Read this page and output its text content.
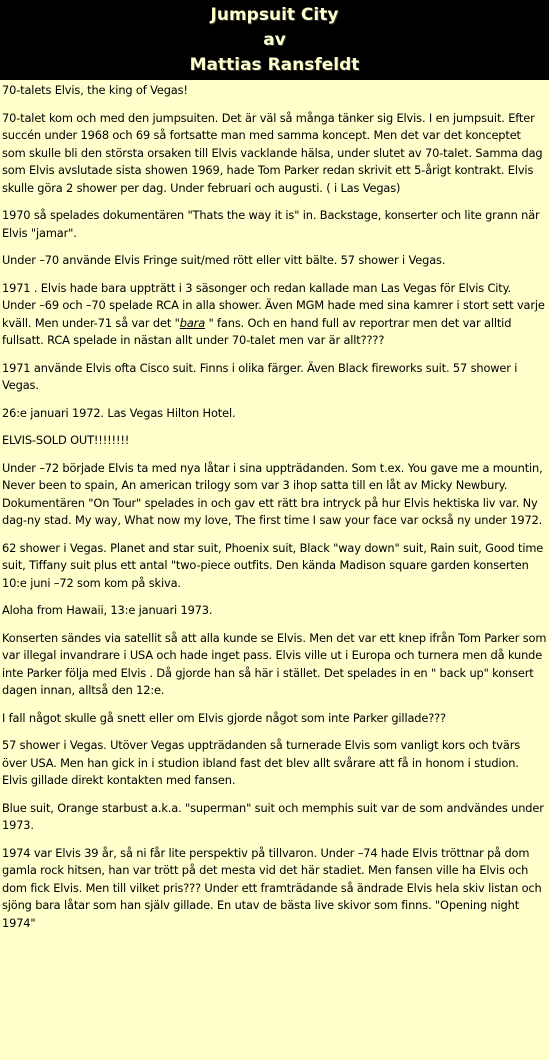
Jumpsuit City
av
Mattias Ransfeldt

70-talets Elvis, the king of Vegas!

70-talet kom och med den jumpsuiten. Det är väl så många tänker sig Elvis. I en jumpsuit. Efter succén under 1968 och 69 så fortsatte man med samma koncept. Men det var det konceptet som skulle bli den största orsaken till Elvis vacklande hälsa, under slutet av 70-talet. Samma dag som Elvis avslutade sista showen 1969, hade Tom Parker redan skrivit ett 5-årigt kontrakt. Elvis skulle göra 2 shower per dag. Under februari och augusti. ( i Las Vegas)

1970 så spelades dokumentären "Thats the way it is" in. Backstage, konserter och lite grann när Elvis "jamar".

Under –70 använde Elvis Fringe suit/med rött eller vitt bälte. 57 shower i Vegas.

1971 . Elvis hade bara uppträtt i 3 säsonger och redan kallade man Las Vegas för Elvis City. Under –69 och –70 spelade RCA in alla shower. Även MGM hade med sina kamrer i stort sett varje kväll. Men under-71 så var det "bara " fans. Och en hand full av reportrar men det var alltid fullsatt. RCA spelade in nästan allt under 70-talet men var är allt????

1971 använde Elvis ofta Cisco suit. Finns i olika färger. Även Black fireworks suit. 57 shower i Vegas.

26:e januari 1972. Las Vegas Hilton Hotel.

ELVIS-SOLD OUT!!!!!!!!

Under –72 började Elvis ta med nya låtar i sina uppträdanden. Som t.ex. You gave me a mountin, Never been to spain, An american trilogy som var 3 ihop satta till en låt av Micky Newbury. Dokumentären "On Tour" spelades in och gav ett rätt bra intryck på hur Elvis hektiska liv var. Ny dag-ny stad. My way, What now my love, The first time I saw your face var också ny under 1972.

62 shower i Vegas. Planet and star suit, Phoenix suit, Black "way down" suit, Rain suit, Good time suit, Tiffany suit plus ett antal "two-piece outfits. Den kända Madison square garden konserten 10:e juni –72 som kom på skiva.

Aloha from Hawaii, 13:e januari 1973.

Konserten sändes via satellit så att alla kunde se Elvis. Men det var ett knep ifrån Tom Parker som var illegal invandrare i USA och hade inget pass. Elvis ville ut i Europa och turnera men då kunde inte Parker följa med Elvis . Då gjorde han så här i stället. Det spelades in en " back up" konsert dagen innan, alltså den 12:e.

I fall något skulle gå snett eller om Elvis gjorde något som inte Parker gillade???

57 shower i Vegas. Utöver Vegas uppträdanden så turnerade Elvis som vanligt kors och tvärs över USA. Men han gick in i studion ibland fast det blev allt svårare att få in honom i studion. Elvis gillade direkt kontakten med fansen.

Blue suit, Orange starbust a.k.a. "superman" suit och memphis suit var de som andvändes under 1973.

1974 var Elvis 39 år, så ni får lite perspektiv på tillvaron. Under –74 hade Elvis tröttnar på dom gamla rock hitsen, han var trött på det mesta vid det här stadiet. Men fansen ville ha Elvis och dom fick Elvis. Men till vilket pris??? Under ett framträdande så ändrade Elvis hela skiv listan och sjöng bara låtar som han själv gillade. En utav de bästa live skivor som finns. "Opening night 1974"
